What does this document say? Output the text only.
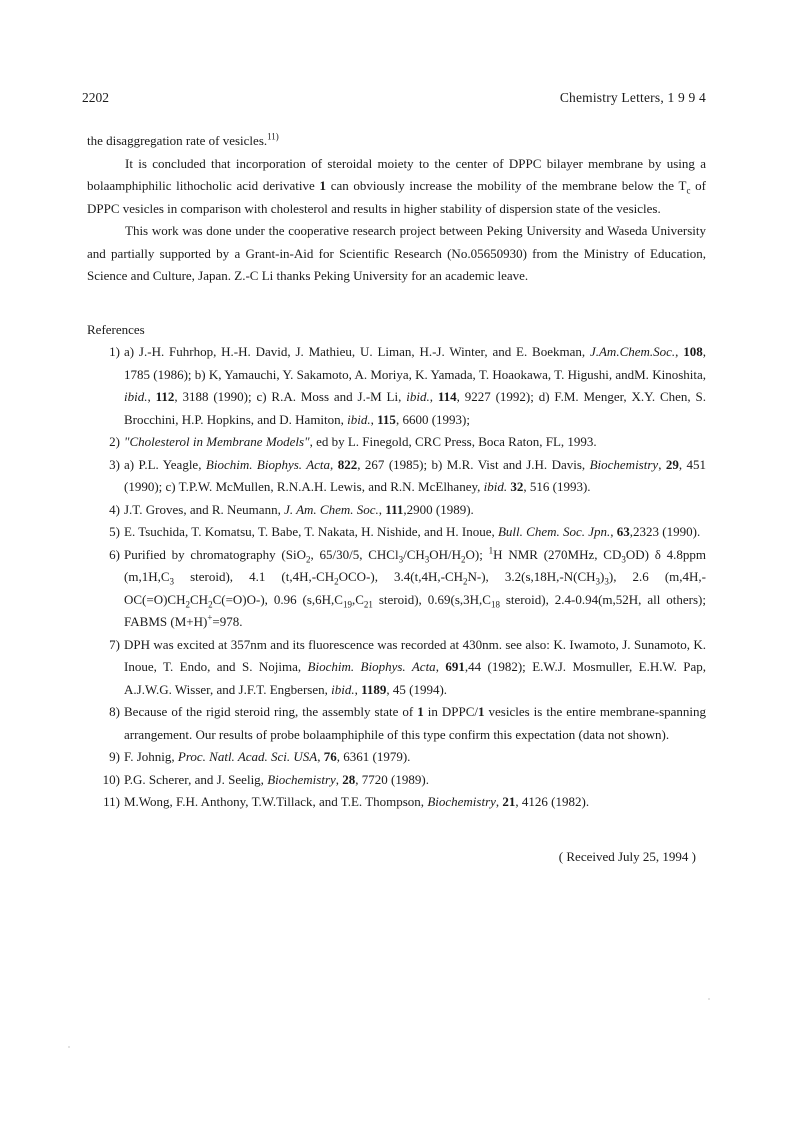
2202	Chemistry Letters, 1 9 9 4

the disaggregation rate of vesicles.$^{11)}$

It is concluded that incorporation of steroidal moiety to the center of DPPC bilayer membrane by using a bolaamphiphilic lithocholic acid derivative 1 can obviously increase the mobility of the membrane below the $T_c$ of DPPC vesicles in comparison with cholesterol and results in higher stability of dispersion state of the vesicles.

This work was done under the cooperative research project between Peking University and Waseda University and partially supported by a Grant-in-Aid for Scientific Research (No.05650930) from the Ministry of Education, Science and Culture, Japan. Z.-C Li thanks Peking University for an academic leave.

References
1) a) J.-H. Fuhrhop, H.-H. David, J. Mathieu, U. Liman, H.-J. Winter, and E. Boekman, J.Am.Chem.Soc., 108, 1785 (1986); b) K, Yamauchi, Y. Sakamoto, A. Moriya, K. Yamada, T. Hoaokawa, T. Higushi, andM. Kinoshita, ibid., 112, 3188 (1990); c) R.A. Moss and J.-M Li, ibid., 114, 9227 (1992); d) F.M. Menger, X.Y. Chen, S. Brocchini, H.P. Hopkins, and D. Hamiton, ibid., 115, 6600 (1993);
2) "Cholesterol in Membrane Models", ed by L. Finegold, CRC Press, Boca Raton, FL, 1993.
3) a) P.L. Yeagle, Biochim. Biophys. Acta, 822, 267 (1985); b) M.R. Vist and J.H. Davis, Biochemistry, 29, 451 (1990); c) T.P.W. McMullen, R.N.A.H. Lewis, and R.N. McElhaney, ibid. 32, 516 (1993).
4) J.T. Groves, and R. Neumann, J. Am. Chem. Soc., 111,2900 (1989).
5) E. Tsuchida, T. Komatsu, T. Babe, T. Nakata, H. Nishide, and H. Inoue, Bull. Chem. Soc. Jpn., 63,2323 (1990).
6) Purified by chromatography (SiO$_2$, 65/30/5, $CHCl_3/CH_3OH/H_2O$); $^1$H NMR (270MHz, $CD_3OD$) δ 4.8ppm ($m,1H,C_3$ steroid), 4.1 $(t,4H,-CH_2OCO-)$, $3.4(t,4H,-CH_2N-)$, $3.2(s,18H,-N(CH_3)_3)$, 2.6 $(m,4H,-OC(=O)CH_2CH_2C(=O)O-)$, 0.96 ($s,6H,C_{19},C_{21}$ steroid), $0.69(s,3H,C_{18}$ steroid), 2.4-0.94(m,52H, all others); FABMS (M+H)+=978.
7) DPH was excited at 357nm and its fluorescence was recorded at 430nm. see also: K. Iwamoto, J. Sunamoto, K. Inoue, T. Endo, and S. Nojima, Biochim. Biophys. Acta, 691,44 (1982); E.W.J. Mosmuller, E.H.W. Pap, A.J.W.G. Wisser, and J.F.T. Engbersen, ibid., 1189, 45 (1994).
8) Because of the rigid steroid ring, the assembly state of 1 in DPPC/1 vesicles is the entire membrane-spanning arrangement. Our results of probe bolaamphiphile of this type confirm this expectation (data not shown).
9) F. Johnig, Proc. Natl. Acad. Sci. USA, 76, 6361 (1979).
10) P.G. Scherer, and J. Seelig, Biochemistry, 28, 7720 (1989).
11) M.Wong, F.H. Anthony, T.W.Tillack, and T.E. Thompson, Biochemistry, 21, 4126 (1982).
( Received July 25, 1994 )
